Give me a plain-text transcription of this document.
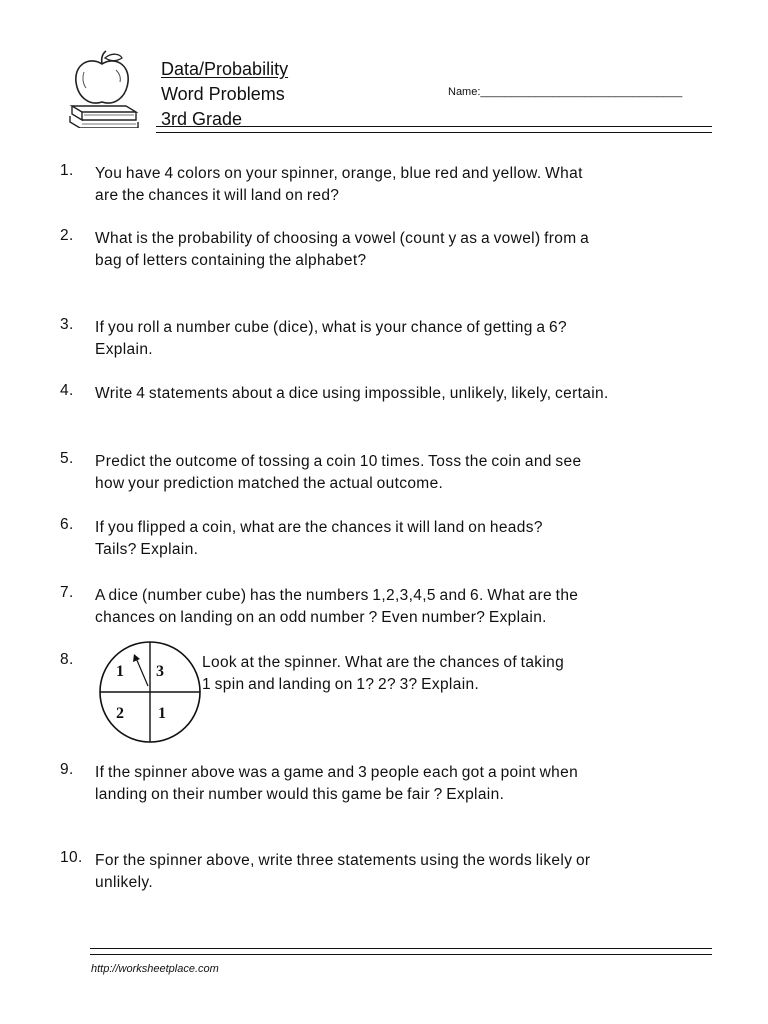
Data/Probability
Word Problems
3rd Grade
Name:_________________________________
1. You have 4 colors on your spinner, orange, blue red and yellow. What
are the chances it will land on red?
2. What is the probability of choosing a vowel (count y as a vowel) from a
bag of letters containing the alphabet?
3. If you roll a number cube (dice), what is your chance of getting a 6?
Explain.
4. Write 4 statements about a dice using impossible, unlikely, likely, certain.
5. Predict the outcome of tossing a coin 10 times. Toss the coin and see
how your prediction matched the actual outcome.
6. If you flipped a coin, what are the chances it will land on heads?
Tails? Explain.
7. A dice (number cube) has the numbers 1,2,3,4,5 and 6. What are the
chances on landing on an odd number ? Even number? Explain.
8.	Look at the spinner. What are the chances of taking
1 spin and landing on 1? 2? 3? Explain.
1 3
2 1
9. If the spinner above was a game and 3 people each got a point when
landing on their number would this game be fair ? Explain.
10. For the spinner above, write three statements using the words likely or
unlikely.
http://worksheetplace.com
